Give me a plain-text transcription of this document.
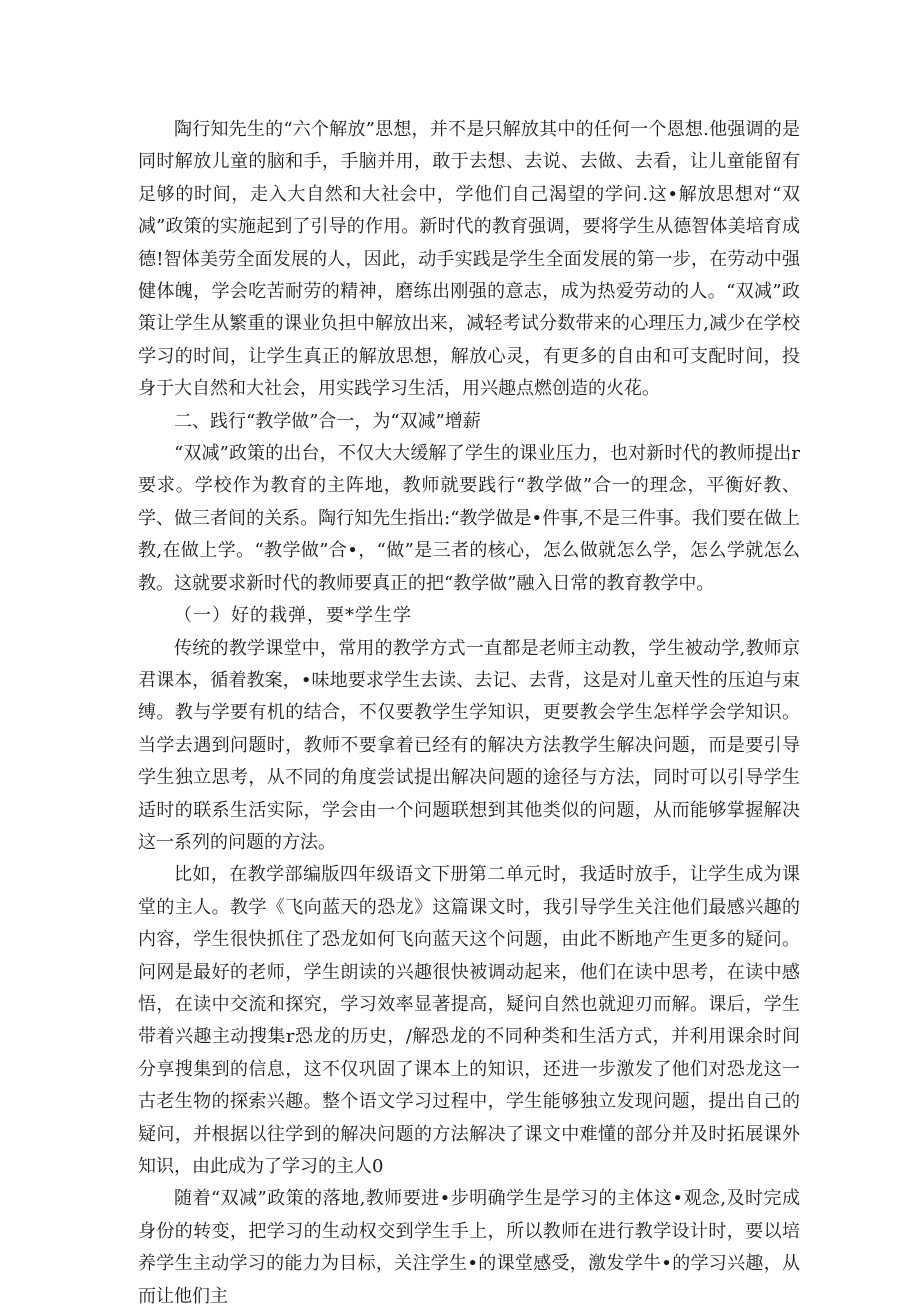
陶行知先生的“六个解放”思想，并不是只解放其中的任何一个恩想.他强调的是同时解放儿童的脑和手，手脑并用，敢于去想、去说、去做、去看，让儿童能留有足够的时间，走入大自然和大社会中，学他们自己渴望的学问.这•解放思想对“双减”政策的实施起到了引导的作用。新时代的教育强调，要将学生从德智体美培育成德!智体美劳全面发展的人，因此，动手实践是学生全面发展的第一步，在劳动中强健体魄，学会吃苦耐劳的精神，磨练出刚强的意志，成为热爱劳动的人。“双减”政策让学生从繁重的课业负担中解放出来，减轻考试分数带来的心理压力,减少在学校学习的时间，让学生真正的解放思想，解放心灵，有更多的自由和可支配时间，投身于大自然和大社会，用实践学习生活，用兴趣点燃创造的火花。

二、践行“教学做”合一，为“双减”增薪

“双减”政策的出台，不仅大大缓解了学生的课业压力，也对新时代的教师提出r要求。学校作为教育的主阵地，教师就要践行“教学做”合一的理念，平衡好教、学、做三者间的关系。陶行知先生指出:“教学做是•件事,不是三件事。我们要在做上教,在做上学。“教学做”合•，“做”是三者的核心，怎么做就怎么学，怎么学就怎么教。这就要求新时代的教师要真正的把“教学做”融入日常的教育教学中。

（一）好的栽弹，要*学生学

传统的教学课堂中，常用的教学方式一直都是老师主动教，学生被动学,教师京君课本，循着教案，•味地要求学生去读、去记、去背，这是对儿童天性的压迫与束缚。教与学要有机的结合，不仅要教学生学知识，更要教会学生怎样学会学知识。当学去遇到问题时，教师不要拿着已经有的解决方法教学生解决问题，而是要引导学生独立思考，从不同的角度尝试提出解决问题的途径与方法，同时可以引导学生适时的联系生活实际，学会由一个问题联想到其他类似的问题，从而能够掌握解决这一系列的问题的方法。

比如，在教学部编版四年级语文下册第二单元时，我适时放手，让学生成为课堂的主人。教学《飞向蓝天的恐龙》这篇课文时，我引导学生关注他们最感兴趣的内容，学生很快抓住了恐龙如何飞向蓝天这个问题，由此不断地产生更多的疑问。问网是最好的老师，学生朗读的兴趣很快被调动起来，他们在读中思考，在读中感悟，在读中交流和探究，学习效率显著提高，疑问自然也就迎刃而解。课后，学生带着兴趣主动搜集r恐龙的历史，/解恐龙的不同种类和生活方式，并利用课余时间分享搜集到的信息，这不仅巩固了课本上的知识，还进一步激发了他们对恐龙这一古老生物的探索兴趣。整个语文学习过程中，学生能够独立发现问题，提出自己的疑问，并根据以往学到的解决问题的方法解决了课文中难懂的部分并及时拓展课外知识，由此成为了学习的主人0

随着“双减”政策的落地,教师要进•步明确学生是学习的主体这•观念,及时完成身份的转变，把学习的生动权交到学生手上，所以教师在进行教学设计时，要以培养学生主动学习的能力为目标，关注学生•的课堂感受，激发学牛•的学习兴趣，从而让他们主
